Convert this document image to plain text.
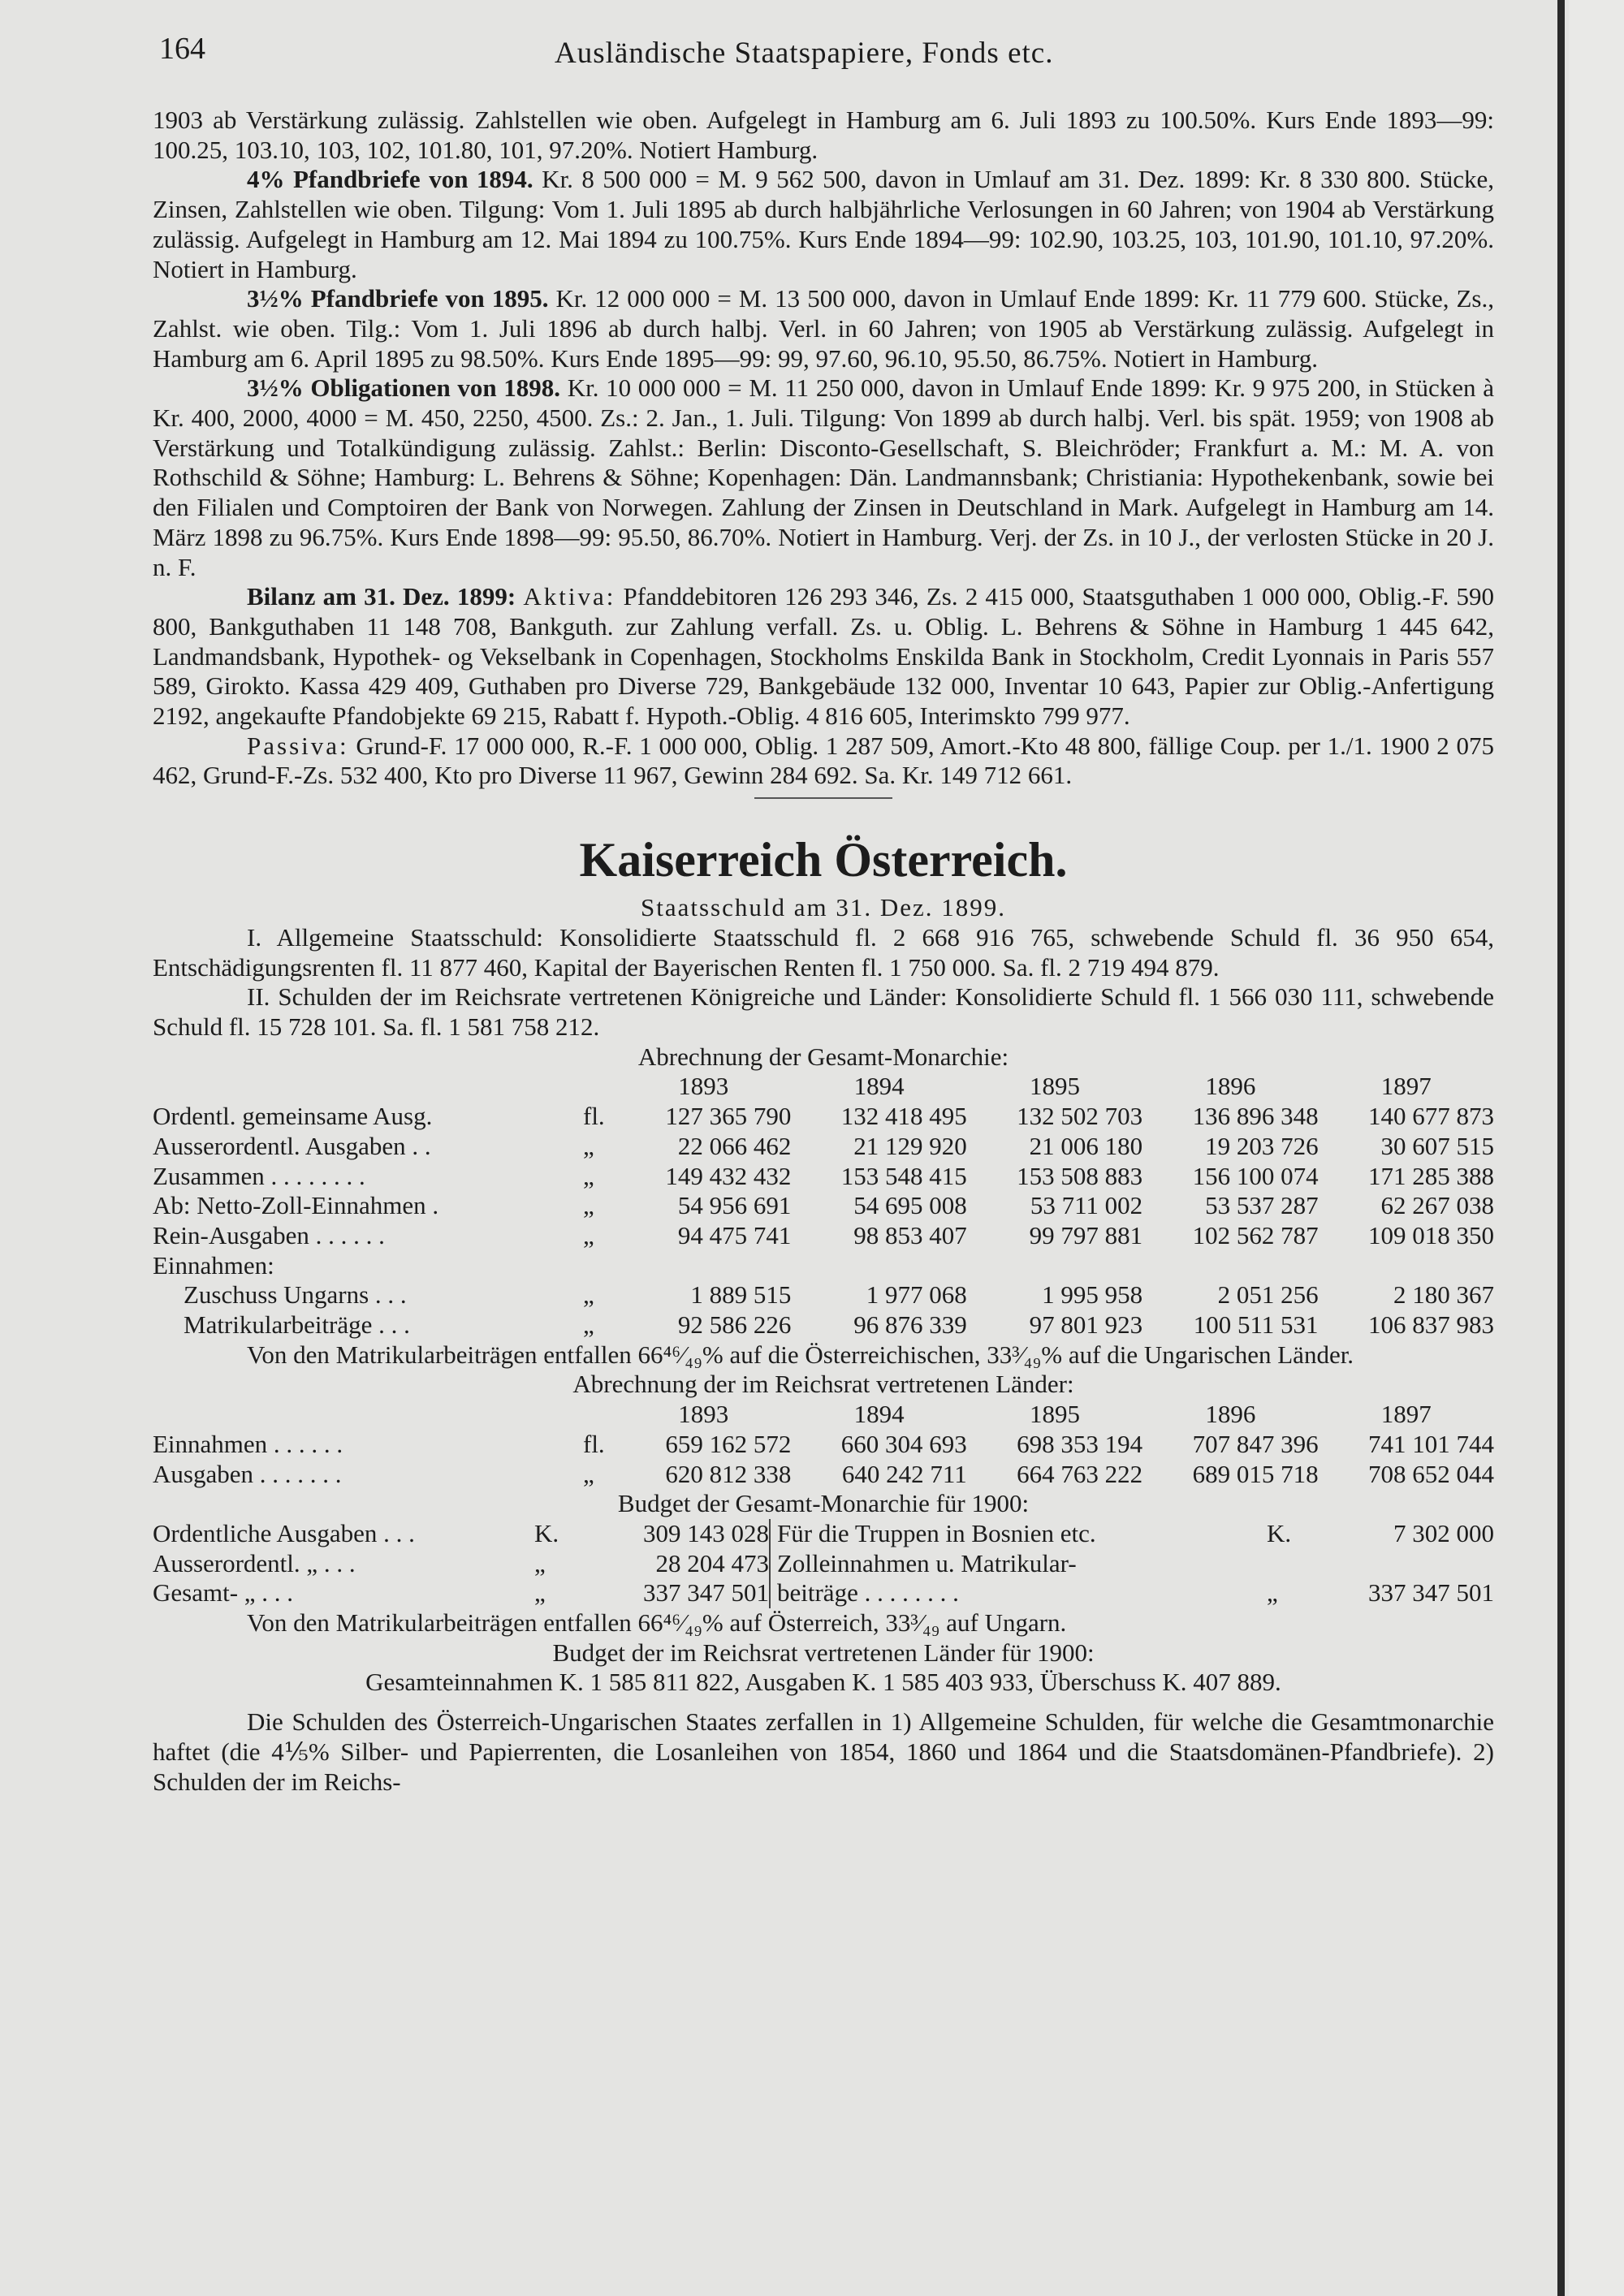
164	Ausländische Staatspapiere, Fonds etc.

1903 ab Verstärkung zulässig. Zahlstellen wie oben. Aufgelegt in Hamburg am 6. Juli 1893 zu 100.50%. Kurs Ende 1893—99: 100.25, 103.10, 103, 102, 101.80, 101, 97.20%. Notiert Hamburg.

4% Pfandbriefe von 1894. Kr. 8 500 000 = M. 9 562 500, davon in Umlauf am 31. Dez. 1899: Kr. 8 330 800. Stücke, Zinsen, Zahlstellen wie oben. Tilgung: Vom 1. Juli 1895 ab durch halbjährliche Verlosungen in 60 Jahren; von 1904 ab Verstärkung zulässig. Aufgelegt in Hamburg am 12. Mai 1894 zu 100.75%. Kurs Ende 1894—99: 102.90, 103.25, 103, 101.90, 101.10, 97.20%. Notiert in Hamburg.

3½% Pfandbriefe von 1895. Kr. 12 000 000 = M. 13 500 000, davon in Umlauf Ende 1899: Kr. 11 779 600. Stücke, Zs., Zahlst. wie oben. Tilg.: Vom 1. Juli 1896 ab durch halbj. Verl. in 60 Jahren; von 1905 ab Verstärkung zulässig. Aufgelegt in Hamburg am 6. April 1895 zu 98.50%. Kurs Ende 1895—99: 99, 97.60, 96.10, 95.50, 86.75%. Notiert in Hamburg.

3½% Obligationen von 1898. Kr. 10 000 000 = M. 11 250 000, davon in Umlauf Ende 1899: Kr. 9 975 200, in Stücken à Kr. 400, 2000, 4000 = M. 450, 2250, 4500. Zs.: 2. Jan., 1. Juli. Tilgung: Von 1899 ab durch halbj. Verl. bis spät. 1959; von 1908 ab Verstärkung und Totalkündigung zulässig. Zahlst.: Berlin: Disconto-Gesellschaft, S. Bleichröder; Frankfurt a. M.: M. A. von Rothschild & Söhne; Hamburg: L. Behrens & Söhne; Kopenhagen: Dän. Landmannsbank; Christiania: Hypothekenbank, sowie bei den Filialen und Comptoiren der Bank von Norwegen. Zahlung der Zinsen in Deutschland in Mark. Aufgelegt in Hamburg am 14. März 1898 zu 96.75%. Kurs Ende 1898—99: 95.50, 86.70%. Notiert in Hamburg. Verj. der Zs. in 10 J., der verlosten Stücke in 20 J. n. F.

Bilanz am 31. Dez. 1899: Aktiva: Pfanddebitoren 126 293 346, Zs. 2 415 000, Staatsguthaben 1 000 000, Oblig.-F. 590 800, Bankguthaben 11 148 708, Bankguth. zur Zahlung verfall. Zs. u. Oblig. L. Behrens & Söhne in Hamburg 1 445 642, Landmandsbank, Hypothek- og Vekselbank in Copenhagen, Stockholms Enskilda Bank in Stockholm, Credit Lyonnais in Paris 557 589, Girokto. Kassa 429 409, Guthaben pro Diverse 729, Bankgebäude 132 000, Inventar 10 643, Papier zur Oblig.-Anfertigung 2192, angekaufte Pfandobjekte 69 215, Rabatt f. Hypoth.-Oblig. 4 816 605, Interimskto 799 977.

Passiva: Grund-F. 17 000 000, R.-F. 1 000 000, Oblig. 1 287 509, Amort.-Kto 48 800, fällige Coup. per 1./1. 1900 2 075 462, Grund-F.-Zs. 532 400, Kto pro Diverse 11 967, Gewinn 284 692. Sa. Kr. 149 712 661.

Kaiserreich Österreich.
Staatsschuld am 31. Dez. 1899.

I. Allgemeine Staatsschuld: Konsolidierte Staatsschuld fl. 2 668 916 765, schwebende Schuld fl. 36 950 654, Entschädigungsrenten fl. 11 877 460, Kapital der Bayerischen Renten fl. 1 750 000. Sa. fl. 2 719 494 879.

II. Schulden der im Reichsrate vertretenen Königreiche und Länder: Konsolidierte Schuld fl. 1 566 030 111, schwebende Schuld fl. 15 728 101. Sa. fl. 1 581 758 212.

Abrechnung der Gesamt-Monarchie:
		1893	1894	1895	1896	1897
Ordentl. gemeinsame Ausg.	fl.	127 365 790	132 418 495	132 502 703	136 896 348	140 677 873
Ausserordentl. Ausgaben . .	„	22 066 462	21 129 920	21 006 180	19 203 726	30 607 515
Zusammen . . . . . . . .	„	149 432 432	153 548 415	153 508 883	156 100 074	171 285 388
Ab: Netto-Zoll-Einnahmen .	„	54 956 691	54 695 008	53 711 002	53 537 287	62 267 038
Rein-Ausgaben . . . . . .	„	94 475 741	98 853 407	99 797 881	102 562 787	109 018 350
Einnahmen:						
Zuschuss Ungarns . . .	„	1 889 515	1 977 068	1 995 958	2 051 256	2 180 367
Matrikularbeiträge . . .	„	92 586 226	96 876 339	97 801 923	100 511 531	106 837 983

Von den Matrikularbeiträgen entfallen 66⁴⁶⁄₄₉% auf die Österreichischen, 33³⁄₄₉% auf die Ungarischen Länder.

Abrechnung der im Reichsrat vertretenen Länder:
		1893	1894	1895	1896	1897
Einnahmen . . . . . .	fl.	659 162 572	660 304 693	698 353 194	707 847 396	741 101 744
Ausgaben . . . . . . .	„	620 812 338	640 242 711	664 763 222	689 015 718	708 652 044
Budget der Gesamt-Monarchie für 1900:
Ordentliche Ausgaben . . .	K.	309 143 028	Für die Truppen in Bosnien etc.	K.	7 302 000
Ausserordentl. „ . . .	„	28 204 473	Zolleinnahmen u. Matrikular-		
Gesamt- „ . . .	„	337 347 501	beiträge . . . . . . . .	„	337 347 501

Von den Matrikularbeiträgen entfallen 66⁴⁶⁄₄₉% auf Österreich, 33³⁄₄₉ auf Ungarn.

Budget der im Reichsrat vertretenen Länder für 1900:
Gesamteinnahmen K. 1 585 811 822, Ausgaben K. 1 585 403 933, Überschuss K. 407 889.

Die Schulden des Österreich-Ungarischen Staates zerfallen in 1) Allgemeine Schulden, für welche die Gesamtmonarchie haftet (die 4⅕% Silber- und Papierrenten, die Losanleihen von 1854, 1860 und 1864 und die Staatsdomänen-Pfandbriefe). 2) Schulden der im Reichs-
